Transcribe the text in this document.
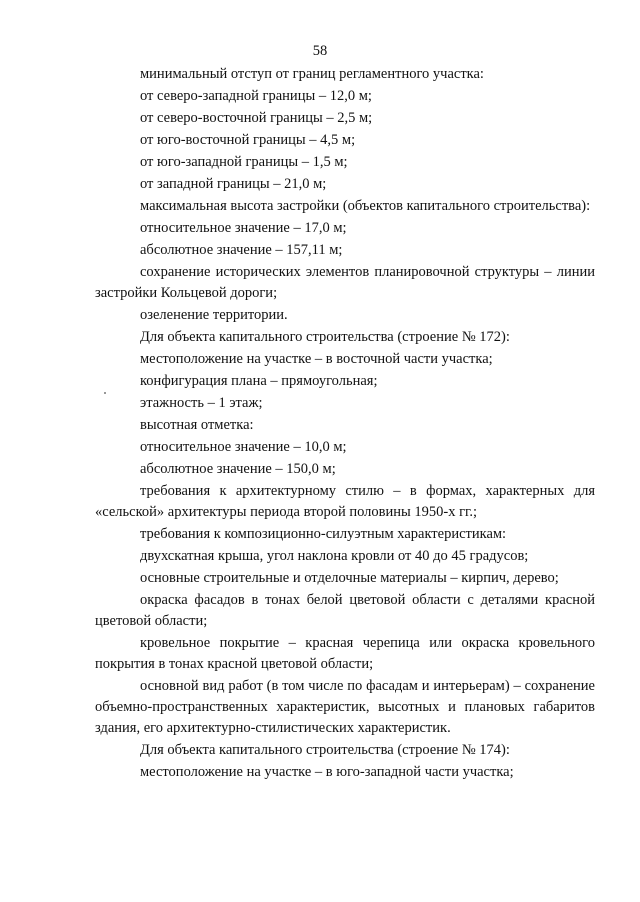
58

минимальный отступ от границ регламентного участка:

от северо-западной границы – 12,0 м;

от северо-восточной границы – 2,5 м;

от юго-восточной границы – 4,5 м;

от юго-западной границы – 1,5 м;

от западной границы – 21,0 м;

максимальная высота застройки (объектов капитального строительства):

относительное значение – 17,0 м;

абсолютное значение – 157,11 м;

сохранение исторических элементов планировочной структуры – линии застройки Кольцевой дороги;

озеленение территории.

Для объекта капитального строительства (строение № 172):

местоположение на участке – в восточной части участка;

конфигурация плана – прямоугольная;

этажность – 1 этаж;

высотная отметка:

относительное значение – 10,0 м;

абсолютное значение – 150,0 м;

требования к архитектурному стилю – в формах, характерных для «сельской» архитектуры периода второй половины 1950-х гг.;

требования к композиционно-силуэтным характеристикам:

двухскатная крыша, угол наклона кровли от 40 до 45 градусов;

основные строительные и отделочные материалы – кирпич, дерево;

окраска фасадов в тонах белой цветовой области с деталями красной цветовой области;

кровельное покрытие – красная черепица или окраска кровельного покрытия в тонах красной цветовой области;

основной вид работ (в том числе по фасадам и интерьерам) – сохранение объемно-пространственных характеристик, высотных и плановых габаритов здания, его архитектурно-стилистических характеристик.

Для объекта капитального строительства (строение № 174):

местоположение на участке – в юго-западной части участка;
